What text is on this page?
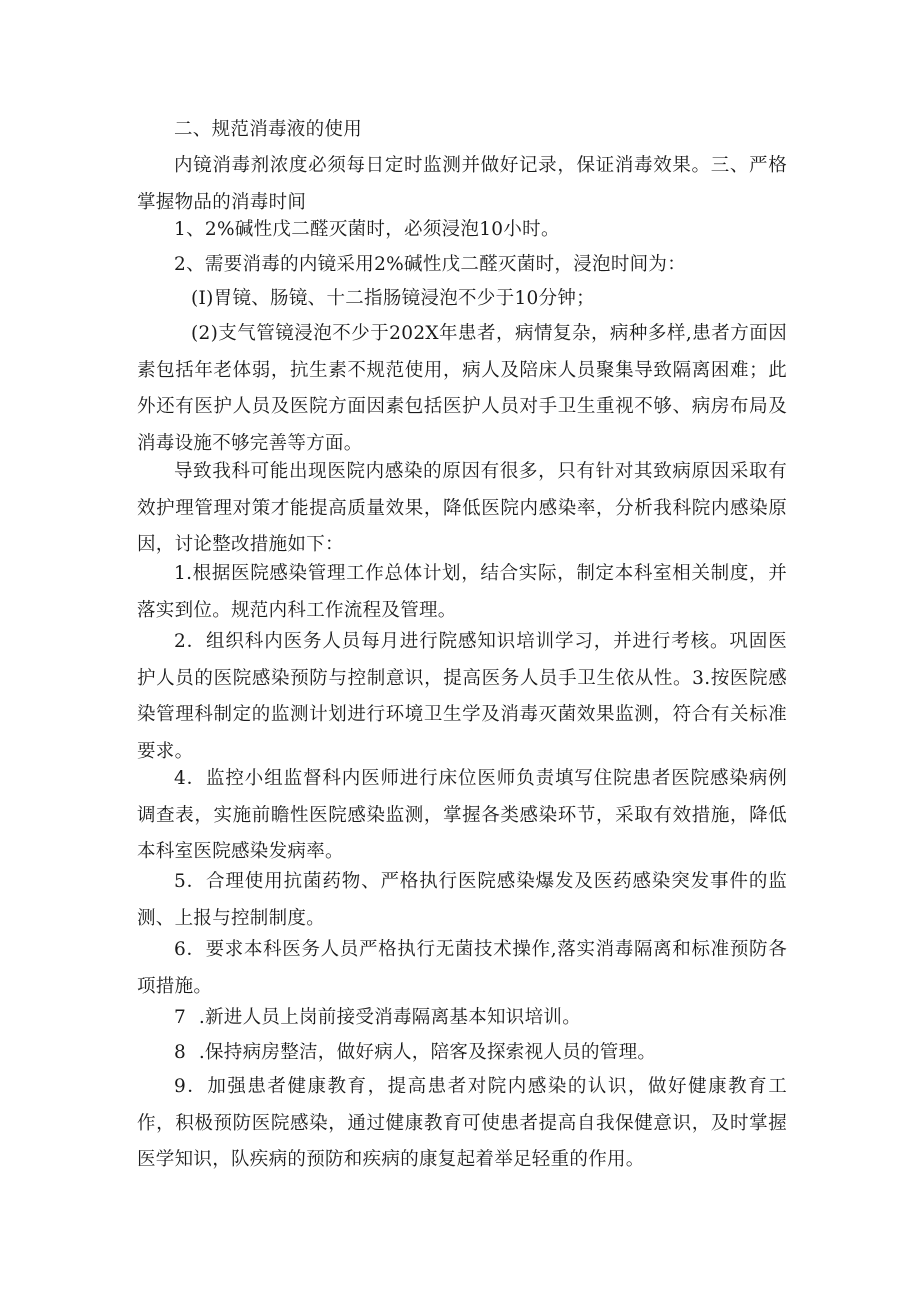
二、规范消毒液的使用

内镜消毒剂浓度必须每日定时监测并做好记录，保证消毒效果。三、严格掌握物品的消毒时间

1、2%碱性戊二醛灭菌时，必须浸泡10小时。

2、需要消毒的内镜采用2%碱性戊二醛灭菌时，浸泡时间为：

(I)胃镜、肠镜、十二指肠镜浸泡不少于10分钟；

(2)支气管镜浸泡不少于202X年患者，病情复杂，病种多样,患者方面因素包括年老体弱，抗生素不规范使用，病人及陪床人员聚集导致隔离困难；此外还有医护人员及医院方面因素包括医护人员对手卫生重视不够、病房布局及消毒设施不够完善等方面。

导致我科可能出现医院内感染的原因有很多，只有针对其致病原因采取有效护理管理对策才能提高质量效果，降低医院内感染率，分析我科院内感染原因，讨论整改措施如下：

1.根据医院感染管理工作总体计划，结合实际，制定本科室相关制度，并落实到位。规范内科工作流程及管理。

2．组织科内医务人员每月进行院感知识培训学习，并进行考核。巩固医护人员的医院感染预防与控制意识，提高医务人员手卫生依从性。3.按医院感染管理科制定的监测计划进行环境卫生学及消毒灭菌效果监测，符合有关标准要求。

4．监控小组监督科内医师进行床位医师负责填写住院患者医院感染病例调查表，实施前瞻性医院感染监测，掌握各类感染环节，采取有效措施，降低本科室医院感染发病率。

5．合理使用抗菌药物、严格执行医院感染爆发及医药感染突发事件的监测、上报与控制制度。

6．要求本科医务人员严格执行无菌技术操作,落实消毒隔离和标准预防各项措施。

7	.新进人员上岗前接受消毒隔离基本知识培训。

8	.保持病房整洁，做好病人，陪客及探索视人员的管理。

9．加强患者健康教育，提高患者对院内感染的认识，做好健康教育工作，积极预防医院感染，通过健康教育可使患者提高自我保健意识，及时掌握医学知识，队疾病的预防和疾病的康复起着举足轻重的作用。
